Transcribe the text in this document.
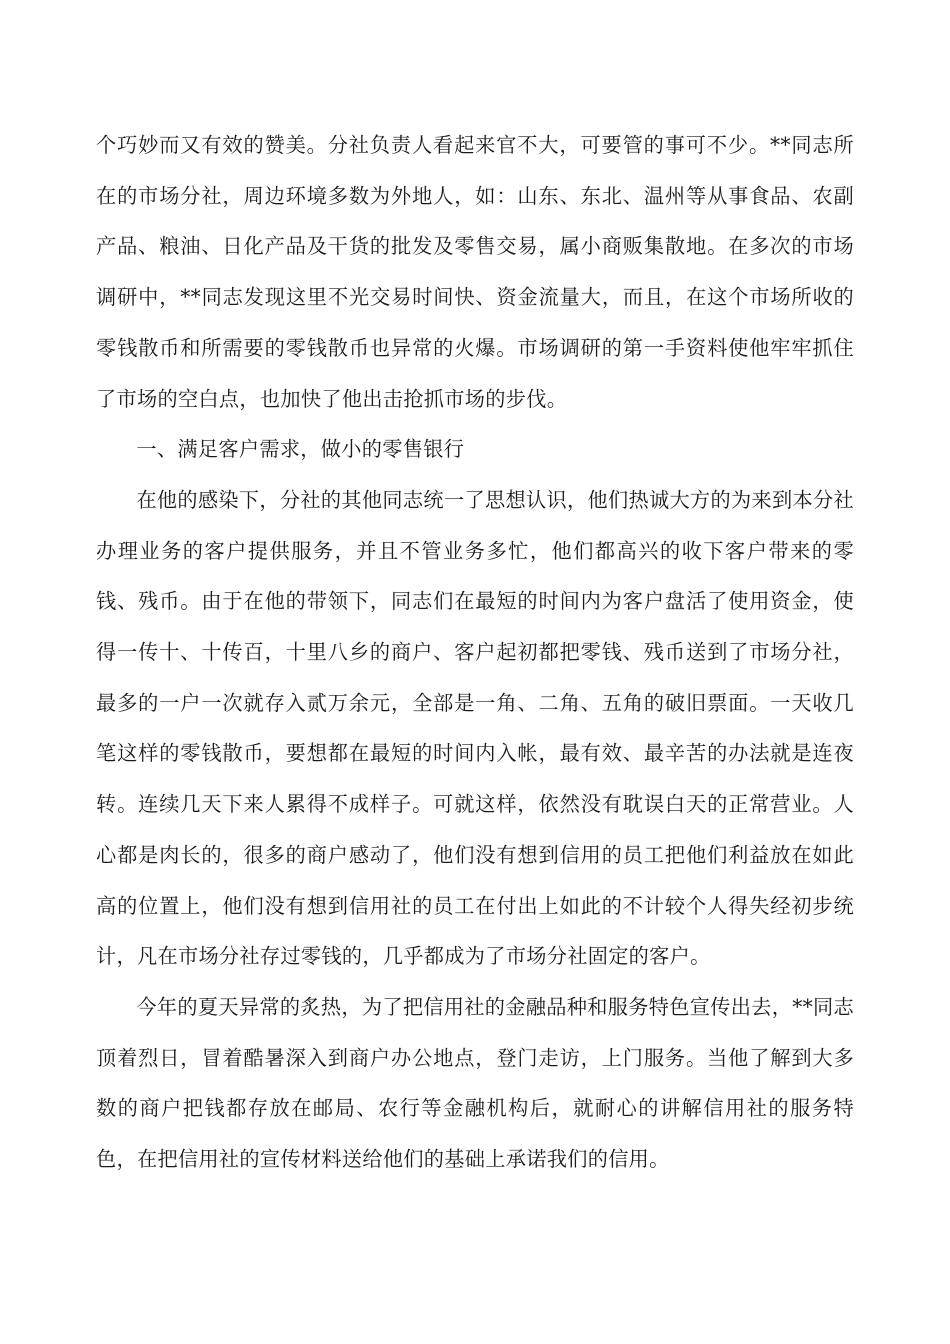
个巧妙而又有效的赞美。分社负责人看起来官不大，可要管的事可不少。**同志所在的市场分社，周边环境多数为外地人，如：山东、东北、温州等从事食品、农副产品、粮油、日化产品及干货的批发及零售交易，属小商贩集散地。在多次的市场调研中，**同志发现这里不光交易时间快、资金流量大，而且，在这个市场所收的零钱散币和所需要的零钱散币也异常的火爆。市场调研的第一手资料使他牢牢抓住了市场的空白点，也加快了他出击抢抓市场的步伐。

一、满足客户需求，做小的零售银行

在他的感染下，分社的其他同志统一了思想认识，他们热诚大方的为来到本分社办理业务的客户提供服务，并且不管业务多忙，他们都高兴的收下客户带来的零钱、残币。由于在他的带领下，同志们在最短的时间内为客户盘活了使用资金，使得一传十、十传百，十里八乡的商户、客户起初都把零钱、残币送到了市场分社，最多的一户一次就存入贰万余元，全部是一角、二角、五角的破旧票面。一天收几笔这样的零钱散币，要想都在最短的时间内入帐，最有效、最辛苦的办法就是连夜转。连续几天下来人累得不成样子。可就这样，依然没有耽误白天的正常营业。人心都是肉长的，很多的商户感动了，他们没有想到信用的员工把他们利益放在如此高的位置上，他们没有想到信用社的员工在付出上如此的不计较个人得失经初步统计，凡在市场分社存过零钱的，几乎都成为了市场分社固定的客户。

今年的夏天异常的炙热，为了把信用社的金融品种和服务特色宣传出去，**同志顶着烈日，冒着酷暑深入到商户办公地点，登门走访，上门服务。当他了解到大多数的商户把钱都存放在邮局、农行等金融机构后，就耐心的讲解信用社的服务特色，在把信用社的宣传材料送给他们的基础上承诺我们的信用。
